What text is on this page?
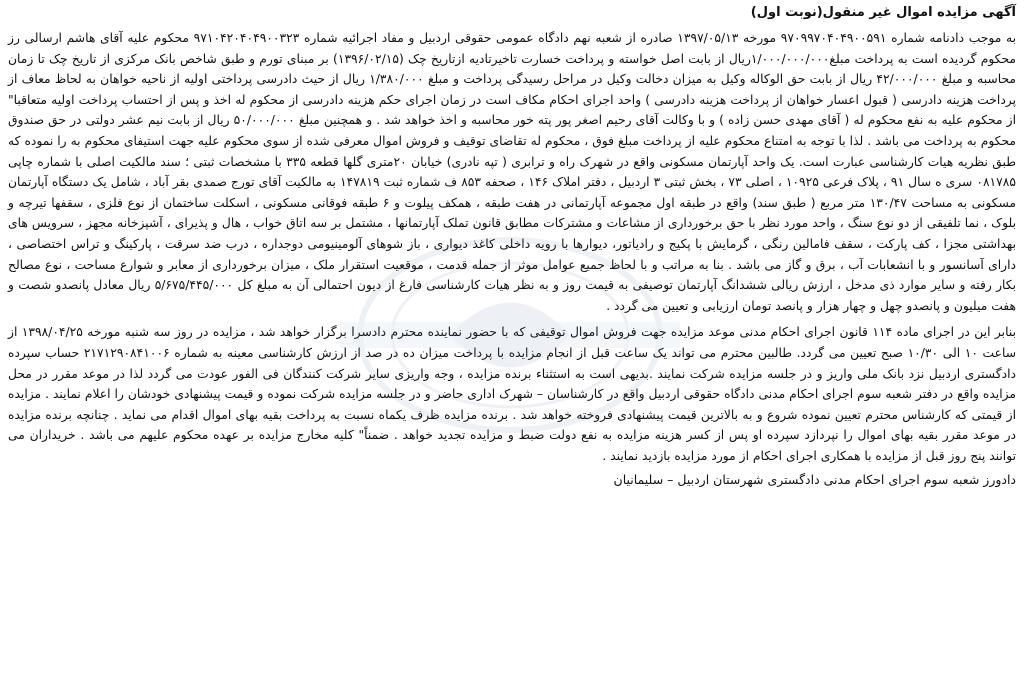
آگهی مزایده اموال غیر منقول(نوبت اول)

به موجب دادنامه شماره ۹۷۰۹۹۷۰۴۰۴۹۰۰۵۹۱ مورخه ۱۳۹۷/۰۵/۱۳ صادره از شعبه نهم دادگاه عمومی حقوقی اردبیل و مفاد اجرائیه شماره ۹۷۱۰۴۲۰۴۰۴۹۰۰۳۲۳ محکوم علیه آقای هاشم ارسالی رز محکوم گردیده است به پرداخت مبلغ۱/۰۰۰/۰۰۰/۰۰۰ریال از بابت اصل خواسته و پرداخت خسارت تاخیرتادیه ازتاریخ چک (۱۳۹۶/۰۲/۱۵) بر مبنای تورم و طبق شاخص بانک مرکزی از تاریخ چک تا زمان محاسبه و مبلغ ۴۲/۰۰۰/۰۰۰ ریال از بابت حق الوکاله وکیل به میزان دخالت وکیل در مراحل رسیدگی پرداخت و مبلغ ۱/۳۸۰/۰۰۰ ریال از حیث دادرسی پرداختی اولیه از ناحیه خواهان به لحاظ معاف از پرداخت هزینه دادرسی ( قبول اعسار خواهان از پرداخت هزینه دادرسی ) واحد اجرای احکام مکاف است در زمان اجرای حکم هزینه دادرسی از محکوم له اخذ و پس از احتساب پرداخت اولیه متعاقبا" از محکوم علیه به نفع محکوم له ( آقای مهدی حسن زاده ) و با وکالت آقای رحیم اصغر پور پته خور محاسبه و اخذ خواهد شد . و همچنین مبلغ ۵۰/۰۰۰/۰۰۰ ریال از بابت نیم عشر دولتی در حق صندوق محکوم به پرداخت می باشد . لذا با توجه به امتناع محکوم علیه از پرداخت مبلغ فوق ، محکوم له تقاضای توقیف و فروش اموال معرفی شده از سوی محکوم علیه جهت استیفای محکوم به را نموده که طبق نظریه هیات کارشناسی عبارت است. یک واحد آپارتمان مسکونی واقع در شهرک راه و ترابری ( تپه نادری) خیابان ۲۰متری گلها قطعه ۳۳۵ با مشخصات ثبتی ؛ سند مالکیت اصلی با شماره چاپی ۰۸۱۷۸۵ سری ه سال ۹۱ ، پلاک فرعی ۱۰۹۲۵ ، اصلی ۷۳ ، بخش ثبتی ۳ اردبیل ، دفتر املاک ۱۴۶ ، صحفه ۸۵۳ ف شماره ثبت ۱۴۷۸۱۹ به مالکیت آقای تورج صمدی بقر آباد ، شامل یک دستگاه آپارتمان مسکونی به مساحت ۱۳۰/۴۷ متر مربع ( طبق سند) واقع در طبقه اول مجموعه آپارتمانی در هفت طبقه ، همکف پیلوت و ۶ طبقه فوقانی مسکونی ، اسکلت ساختمان از نوع فلزی ، سقفها تیرچه و بلوک ، نما تلفیقی از دو نوع سنگ ، واحد مورد نظر با حق برخورداری از مشاعات و مشترکات مطابق قانون تملک آپارتمانها ، مشتمل بر سه اتاق خواب ، هال و پذیرای ، آشپزخانه مجهز ، سرویس های بهداشتی مجزا ، کف پارکت ، سقف فامالین رنگی ، گرمایش با پکیج و رادیاتور، دیوارها با رویه داخلی کاغذ دیواری ، باز شوهای آلومینیومی دوجداره ، درب ضد سرقت ، پارکینگ و تراس اختصاصی ، دارای آسانسور و با انشعابات آب ، برق و گاز می باشد . بنا به مراتب و با لحاظ جمیع عوامل موثر از جمله قدمت ، موقعیت استقرار ملک ، میزان برخورداری از معابر و شوارع مساحت ، نوع مصالح بکار رفته و سایر موارد ذی مدخل ، ارزش ریالی ششدانگ آپارتمان توصیفی به قیمت روز و به نظر هیات کارشناسی فارغ از دیون احتمالی آن به مبلغ کل ۵/۶۷۵/۴۴۵/۰۰۰ ریال معادل پانصدو شصت و هفت میلیون و پانصدو چهل و چهار هزار و پانصد تومان ارزیابی و تعیین می گردد .

بنابر این در اجرای ماده ۱۱۴ قانون اجرای احکام مدنی موعد مزایده جهت فروش اموال توقیفی که با حضور نماینده محترم دادسرا برگزار خواهد شد ، مزایده در روز سه شنبه مورخه ۱۳۹۸/۰۴/۲۵ از ساعت ۱۰ الی ۱۰/۳۰ صبح تعیین می گردد. طالبین محترم می تواند یک ساعت قبل از انجام مزایده با پرداخت میزان ده در صد از ارزش کارشناسی معینه به شماره ۲۱۷۱۲۹۰۸۴۱۰۰۶ حساب سپرده دادگستری اردبیل نزد بانک ملی واریز و در جلسه مزایده شرکت نمایند .بدیهی است به استثناء برنده مزایده ، وجه واریزی سایر شرکت کنندگان فی الفور عودت می گردد لذا در موعد مقرر در محل مزایده واقع در دفتر شعبه سوم اجرای احکام مدنی دادگاه حقوقی اردبیل واقع در کارشناسان – شهرک اداری حاضر و در جلسه مزایده شرکت نموده و قیمت پیشنهادی خودشان را اعلام نمایند . مزایده از قیمتی که کارشناس محترم تعیین نموده شروع و به بالاترین قیمت پیشنهادی فروخته خواهد شد . برنده مزایده ظرف یکماه نسبت به پرداخت بقیه بهای اموال اقدام می نماید . چنانچه برنده مزایده در موعد مقرر بقیه بهای اموال را نپردازد سپرده او پس از کسر هزینه مزایده به نفع دولت ضبط و مزایده تجدید خواهد . ضمناً" کلیه مخارج مزایده بر عهده محکوم علیهم می باشد . خریداران می توانند پنج روز قبل از مزایده با همکاری اجرای احکام از مورد مزایده بازدید نمایند .

دادورز شعبه سوم اجرای احکام مدنی دادگستری شهرستان اردبیل – سلیمانیان
